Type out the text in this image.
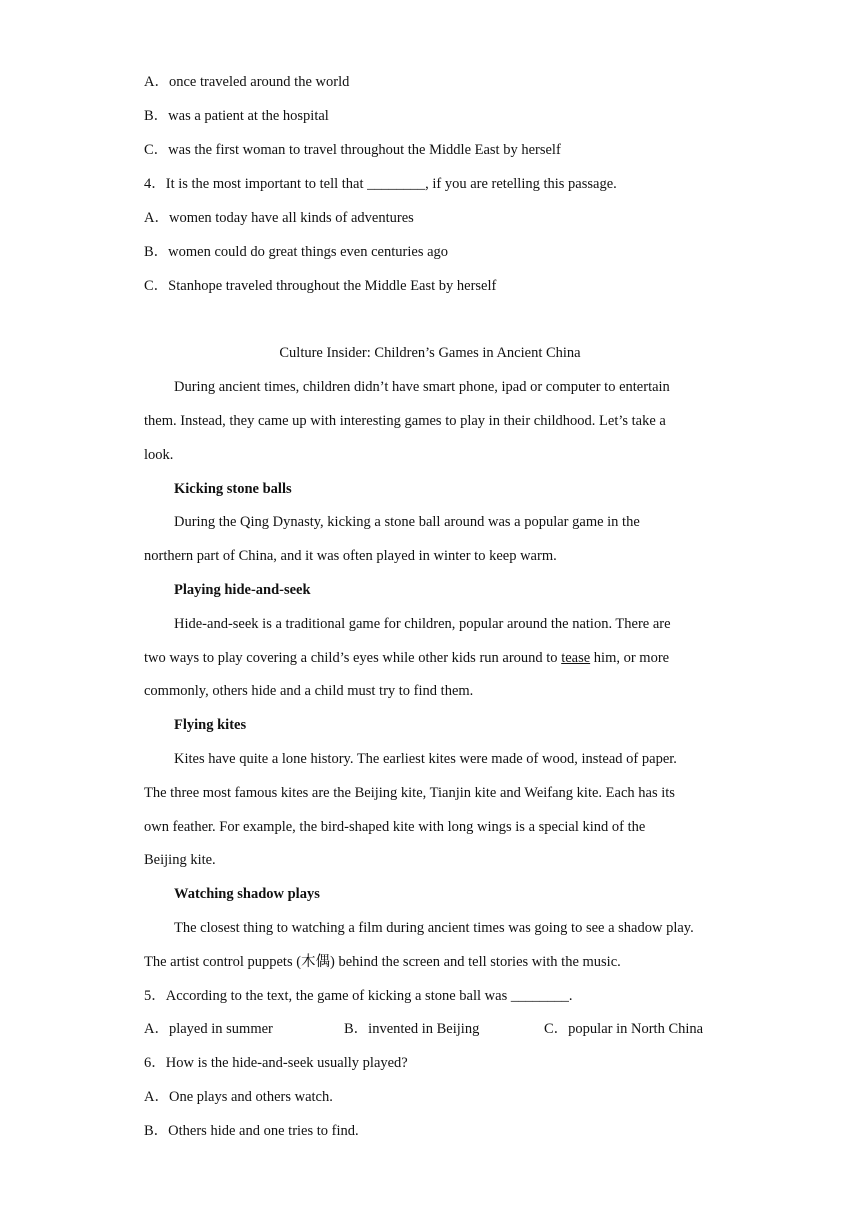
A．once traveled around the world
B．was a patient at the hospital
C．was the first woman to travel throughout the Middle East by herself
4．It is the most important to tell that ________, if you are retelling this passage.
A．women today have all kinds of adventures
B．women could do great things even centuries ago
C．Stanhope traveled throughout the Middle East by herself
Culture Insider: Children’s Games in Ancient China
During ancient times, children didn’t have smart phone, ipad or computer to entertain
them. Instead, they came up with interesting games to play in their childhood. Let’s take a
look.
Kicking stone balls
During the Qing Dynasty, kicking a stone ball around was a popular game in the
northern part of China, and it was often played in winter to keep warm.
Playing hide-and-seek
Hide-and-seek is a traditional game for children, popular around the nation. There are
two ways to play covering a child’s eyes while other kids run around to tease him, or more
commonly, others hide and a child must try to find them.
Flying kites
Kites have quite a lone history. The earliest kites were made of wood, instead of paper.
The three most famous kites are the Beijing kite, Tianjin kite and Weifang kite. Each has its
own feather. For example, the bird-shaped kite with long wings is a special kind of the
Beijing kite.
Watching shadow plays
The closest thing to watching a film during ancient times was going to see a shadow play.
The artist control puppets (木偶) behind the screen and tell stories with the music.
5．According to the text, the game of kicking a stone ball was ________.
A．played in summer	B．invented in Beijing	C．popular in North China
6．How is the hide-and-seek usually played?
A．One plays and others watch.
B．Others hide and one tries to find.
